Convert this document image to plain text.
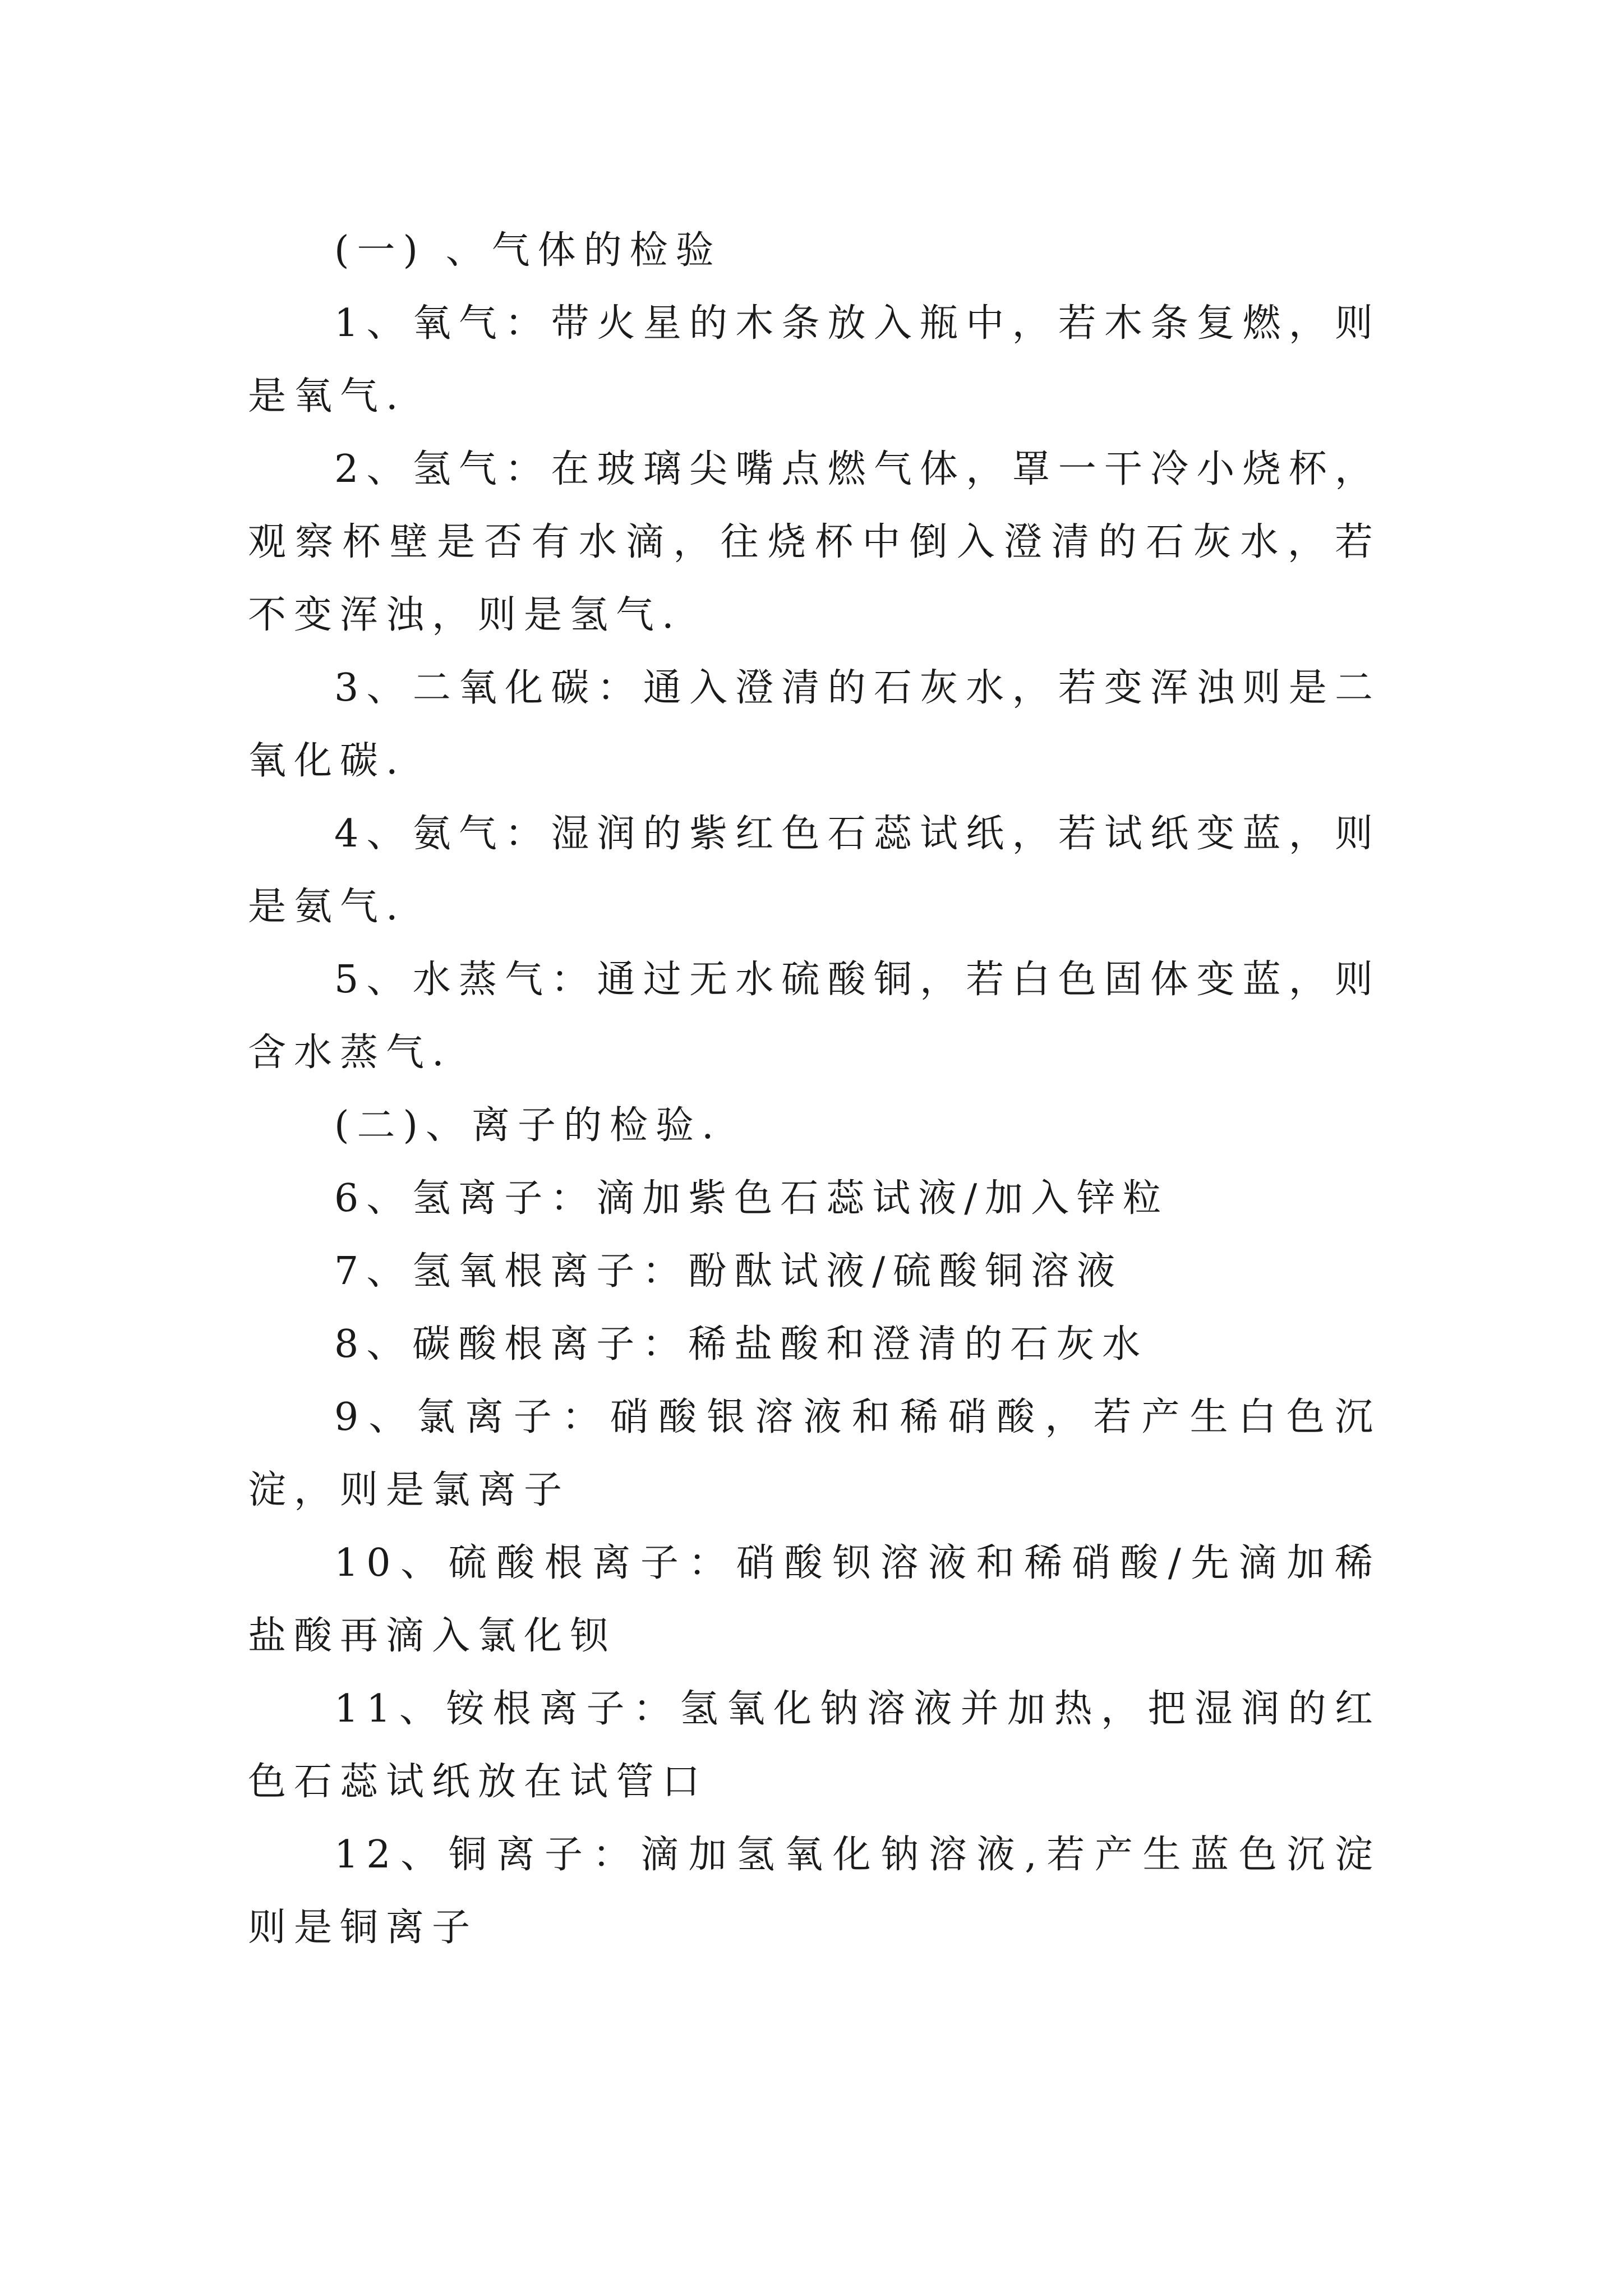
(一) 、气体的检验

1、氧气：带火星的木条放入瓶中，若木条复燃，则是氧气.

2、氢气：在玻璃尖嘴点燃气体，罩一干冷小烧杯，观察杯壁是否有水滴，往烧杯中倒入澄清的石灰水，若不变浑浊，则是氢气.

3、二氧化碳：通入澄清的石灰水，若变浑浊则是二氧化碳.

4、氨气：湿润的紫红色石蕊试纸，若试纸变蓝，则是氨气.

5、水蒸气：通过无水硫酸铜，若白色固体变蓝，则含水蒸气.

(二)、离子的检验.

6、氢离子：滴加紫色石蕊试液/加入锌粒

7、氢氧根离子：酚酞试液/硫酸铜溶液

8、碳酸根离子：稀盐酸和澄清的石灰水

9、氯离子：硝酸银溶液和稀硝酸，若产生白色沉淀，则是氯离子

10、硫酸根离子：硝酸钡溶液和稀硝酸/先滴加稀盐酸再滴入氯化钡

11、铵根离子：氢氧化钠溶液并加热，把湿润的红色石蕊试纸放在试管口

12、铜离子：滴加氢氧化钠溶液,若产生蓝色沉淀则是铜离子
